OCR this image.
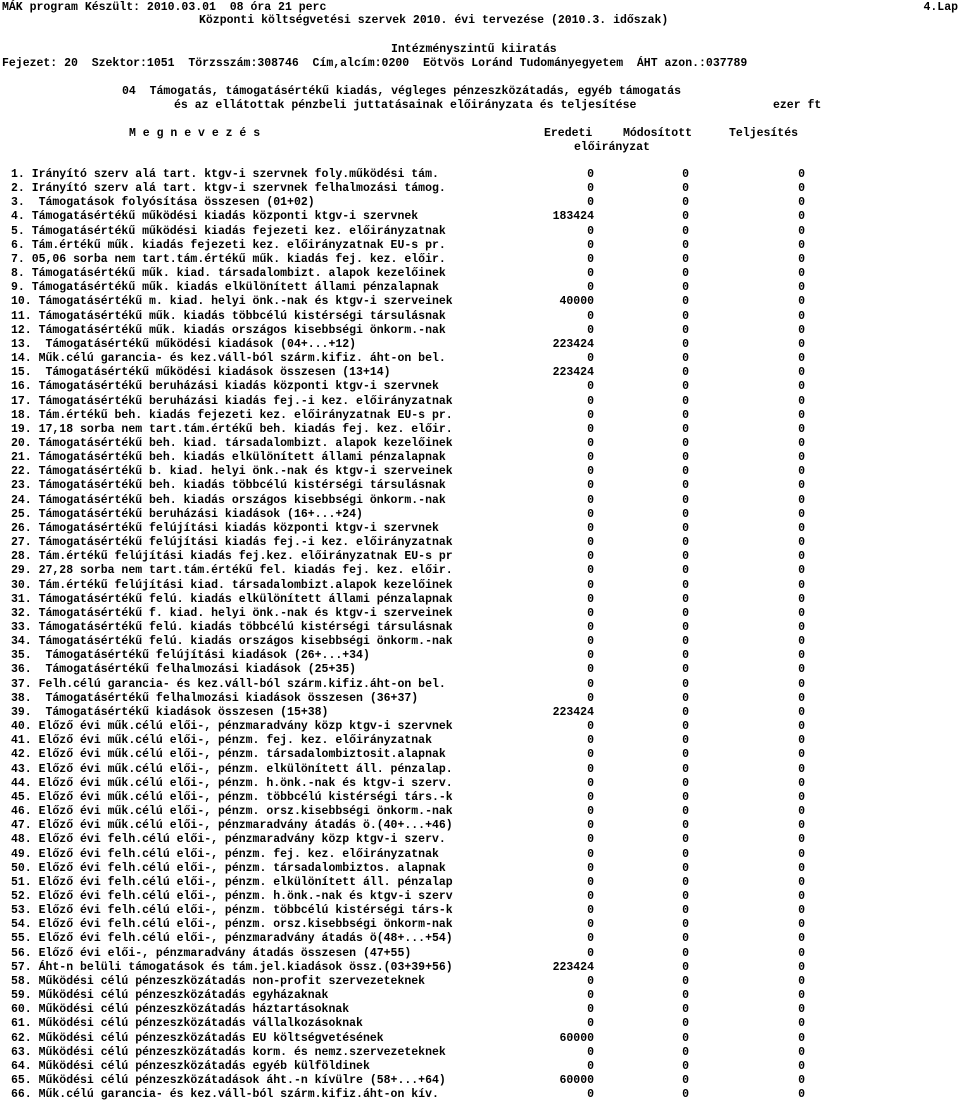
MÁK program Készült: 2010.03.01  08 óra 21 perc	4.Lap
Központi költségvetési szervek 2010. évi tervezése (2010.3. időszak)
Intézményszintű kiiratás
Fejezet: 20  Szektor:1051  Törzsszám:308746  Cím,alcím:0200  Eötvös Loránd Tudományegyetem  ÁHT azon.:037789
04  Támogatás, támogatásértékű kiadás, végleges pénzeszközátadás, egyéb támogatás
és az ellátottak pénzbeli juttatásainak előirányzata és teljesítése	ezer ft
M e g n e v e z é s	Eredeti	Módosított	Teljesítés
előirányzat
1. Irányító szerv alá tart. ktgv-i szervnek foly.működési tám.	0	0	0
2. Irányító szerv alá tart. ktgv-i szervnek felhalmozási támog.	0	0	0
3.  Támogatások folyósítása összesen (01+02)	0	0	0
4. Támogatásértékű működési kiadás központi ktgv-i szervnek	183424	0	0
5. Támogatásértékű működési kiadás fejezeti kez. előirányzatnak	0	0	0
6. Tám.értékű műk. kiadás fejezeti kez. előirányzatnak EU-s pr.	0	0	0
7. 05,06 sorba nem tart.tám.értékű műk. kiadás fej. kez. előir.	0	0	0
8. Támogatásértékű műk. kiad. társadalombizt. alapok kezelőinek	0	0	0
9. Támogatásértékű műk. kiadás elkülönített állami pénzalapnak	0	0	0
10. Támogatásértékű m. kiad. helyi önk.-nak és ktgv-i szerveinek	40000	0	0
11. Támogatásértékű műk. kiadás többcélú kistérségi társulásnak	0	0	0
12. Támogatásértékű műk. kiadás országos kisebbségi önkorm.-nak	0	0	0
13.  Támogatásértékű működési kiadások (04+...+12)	223424	0	0
14. Műk.célú garancia- és kez.váll-ból szárm.kifiz. áht-on bel.	0	0	0
15.  Támogatásértékű működési kiadások összesen (13+14)	223424	0	0
16. Támogatásértékű beruházási kiadás központi ktgv-i szervnek	0	0	0
17. Támogatásértékű beruházási kiadás fej.-i kez. előirányzatnak	0	0	0
18. Tám.értékű beh. kiadás fejezeti kez. előirányzatnak EU-s pr.	0	0	0
19. 17,18 sorba nem tart.tám.értékű beh. kiadás fej. kez. előir.	0	0	0
20. Támogatásértékű beh. kiad. társadalombizt. alapok kezelőinek	0	0	0
21. Támogatásértékű beh. kiadás elkülönített állami pénzalapnak	0	0	0
22. Támogatásértékű b. kiad. helyi önk.-nak és ktgv-i szerveinek	0	0	0
23. Támogatásértékű beh. kiadás többcélú kistérségi társulásnak	0	0	0
24. Támogatásértékű beh. kiadás országos kisebbségi önkorm.-nak	0	0	0
25. Támogatásértékű beruházási kiadások (16+...+24)	0	0	0
26. Támogatásértékű felújítási kiadás központi ktgv-i szervnek	0	0	0
27. Támogatásértékű felújítási kiadás fej.-i kez. előirányzatnak	0	0	0
28. Tám.értékű felújítási kiadás fej.kez. előirányzatnak EU-s pr	0	0	0
29. 27,28 sorba nem tart.tám.értékű fel. kiadás fej. kez. előir.	0	0	0
30. Tám.értékű felújítási kiad. társadalombizt.alapok kezelőinek	0	0	0
31. Támogatásértékű felú. kiadás elkülönített állami pénzalapnak	0	0	0
32. Támogatásértékű f. kiad. helyi önk.-nak és ktgv-i szerveinek	0	0	0
33. Támogatásértékű felú. kiadás többcélú kistérségi társulásnak	0	0	0
34. Támogatásértékű felú. kiadás országos kisebbségi önkorm.-nak	0	0	0
35.  Támogatásértékű felújítási kiadások (26+...+34)	0	0	0
36.  Támogatásértékű felhalmozási kiadások (25+35)	0	0	0
37. Felh.célú garancia- és kez.váll-ból szárm.kifiz.áht-on bel.	0	0	0
38.  Támogatásértékű felhalmozási kiadások összesen (36+37)	0	0	0
39.  Támogatásértékű kiadások összesen (15+38)	223424	0	0
40. Előző évi műk.célú elői-, pénzmaradvány közp ktgv-i szervnek	0	0	0
41. Előző évi műk.célú elői-, pénzm. fej. kez. előirányzatnak	0	0	0
42. Előző évi műk.célú elői-, pénzm. társadalombiztosit.alapnak	0	0	0
43. Előző évi műk.célú elői-, pénzm. elkülönített áll. pénzalap.	0	0	0
44. Előző évi műk.célú elői-, pénzm. h.önk.-nak és ktgv-i szerv.	0	0	0
45. Előző évi műk.célú elői-, pénzm. többcélú kistérségi társ.-k	0	0	0
46. Előző évi műk.célú elői-, pénzm. orsz.kisebbségi önkorm.-nak	0	0	0
47. Előző évi műk.célú elői-, pénzmaradvány átadás ö.(40+...+46)	0	0	0
48. Előző évi felh.célú elői-, pénzmaradvány közp ktgv-i szerv.	0	0	0
49. Előző évi felh.célú elői-, pénzm. fej. kez. előirányzatnak	0	0	0
50. Előző évi felh.célú elői-, pénzm. társadalombiztos. alapnak	0	0	0
51. Előző évi felh.célú elői-, pénzm. elkülönített áll. pénzalap	0	0	0
52. Előző évi felh.célú elői-, pénzm. h.önk.-nak és ktgv-i szerv	0	0	0
53. Előző évi felh.célú elői-, pénzm. többcélú kistérségi társ-k	0	0	0
54. Előző évi felh.célú elői-, pénzm. orsz.kisebbségi önkorm-nak	0	0	0
55. Előző évi felh.célú elői-, pénzmaradvány átadás ö(48+...+54)	0	0	0
56. Előző évi elői-, pénzmaradvány átadás összesen (47+55)	0	0	0
57. Áht-n belüli támogatások és tám.jel.kiadások össz.(03+39+56)	223424	0	0
58. Működési célú pénzeszközátadás non-profit szervezeteknek	0	0	0
59. Működési célú pénzeszközátadás egyházaknak	0	0	0
60. Működési célú pénzeszközátadás háztartásoknak	0	0	0
61. Működési célú pénzeszközátadás vállalkozásoknak	0	0	0
62. Működési célú pénzeszközátadás EU költségvetésének	60000	0	0
63. Működési célú pénzeszközátadás korm. és nemz.szervezeteknek	0	0	0
64. Működési célú pénzeszközátadás egyéb külföldinek	0	0	0
65. Működési célú pénzeszközátadások áht.-n kívülre (58+...+64)	60000	0	0
66. Műk.célú garancia- és kez.váll-ból szárm.kifiz.áht-on kív.	0	0	0
